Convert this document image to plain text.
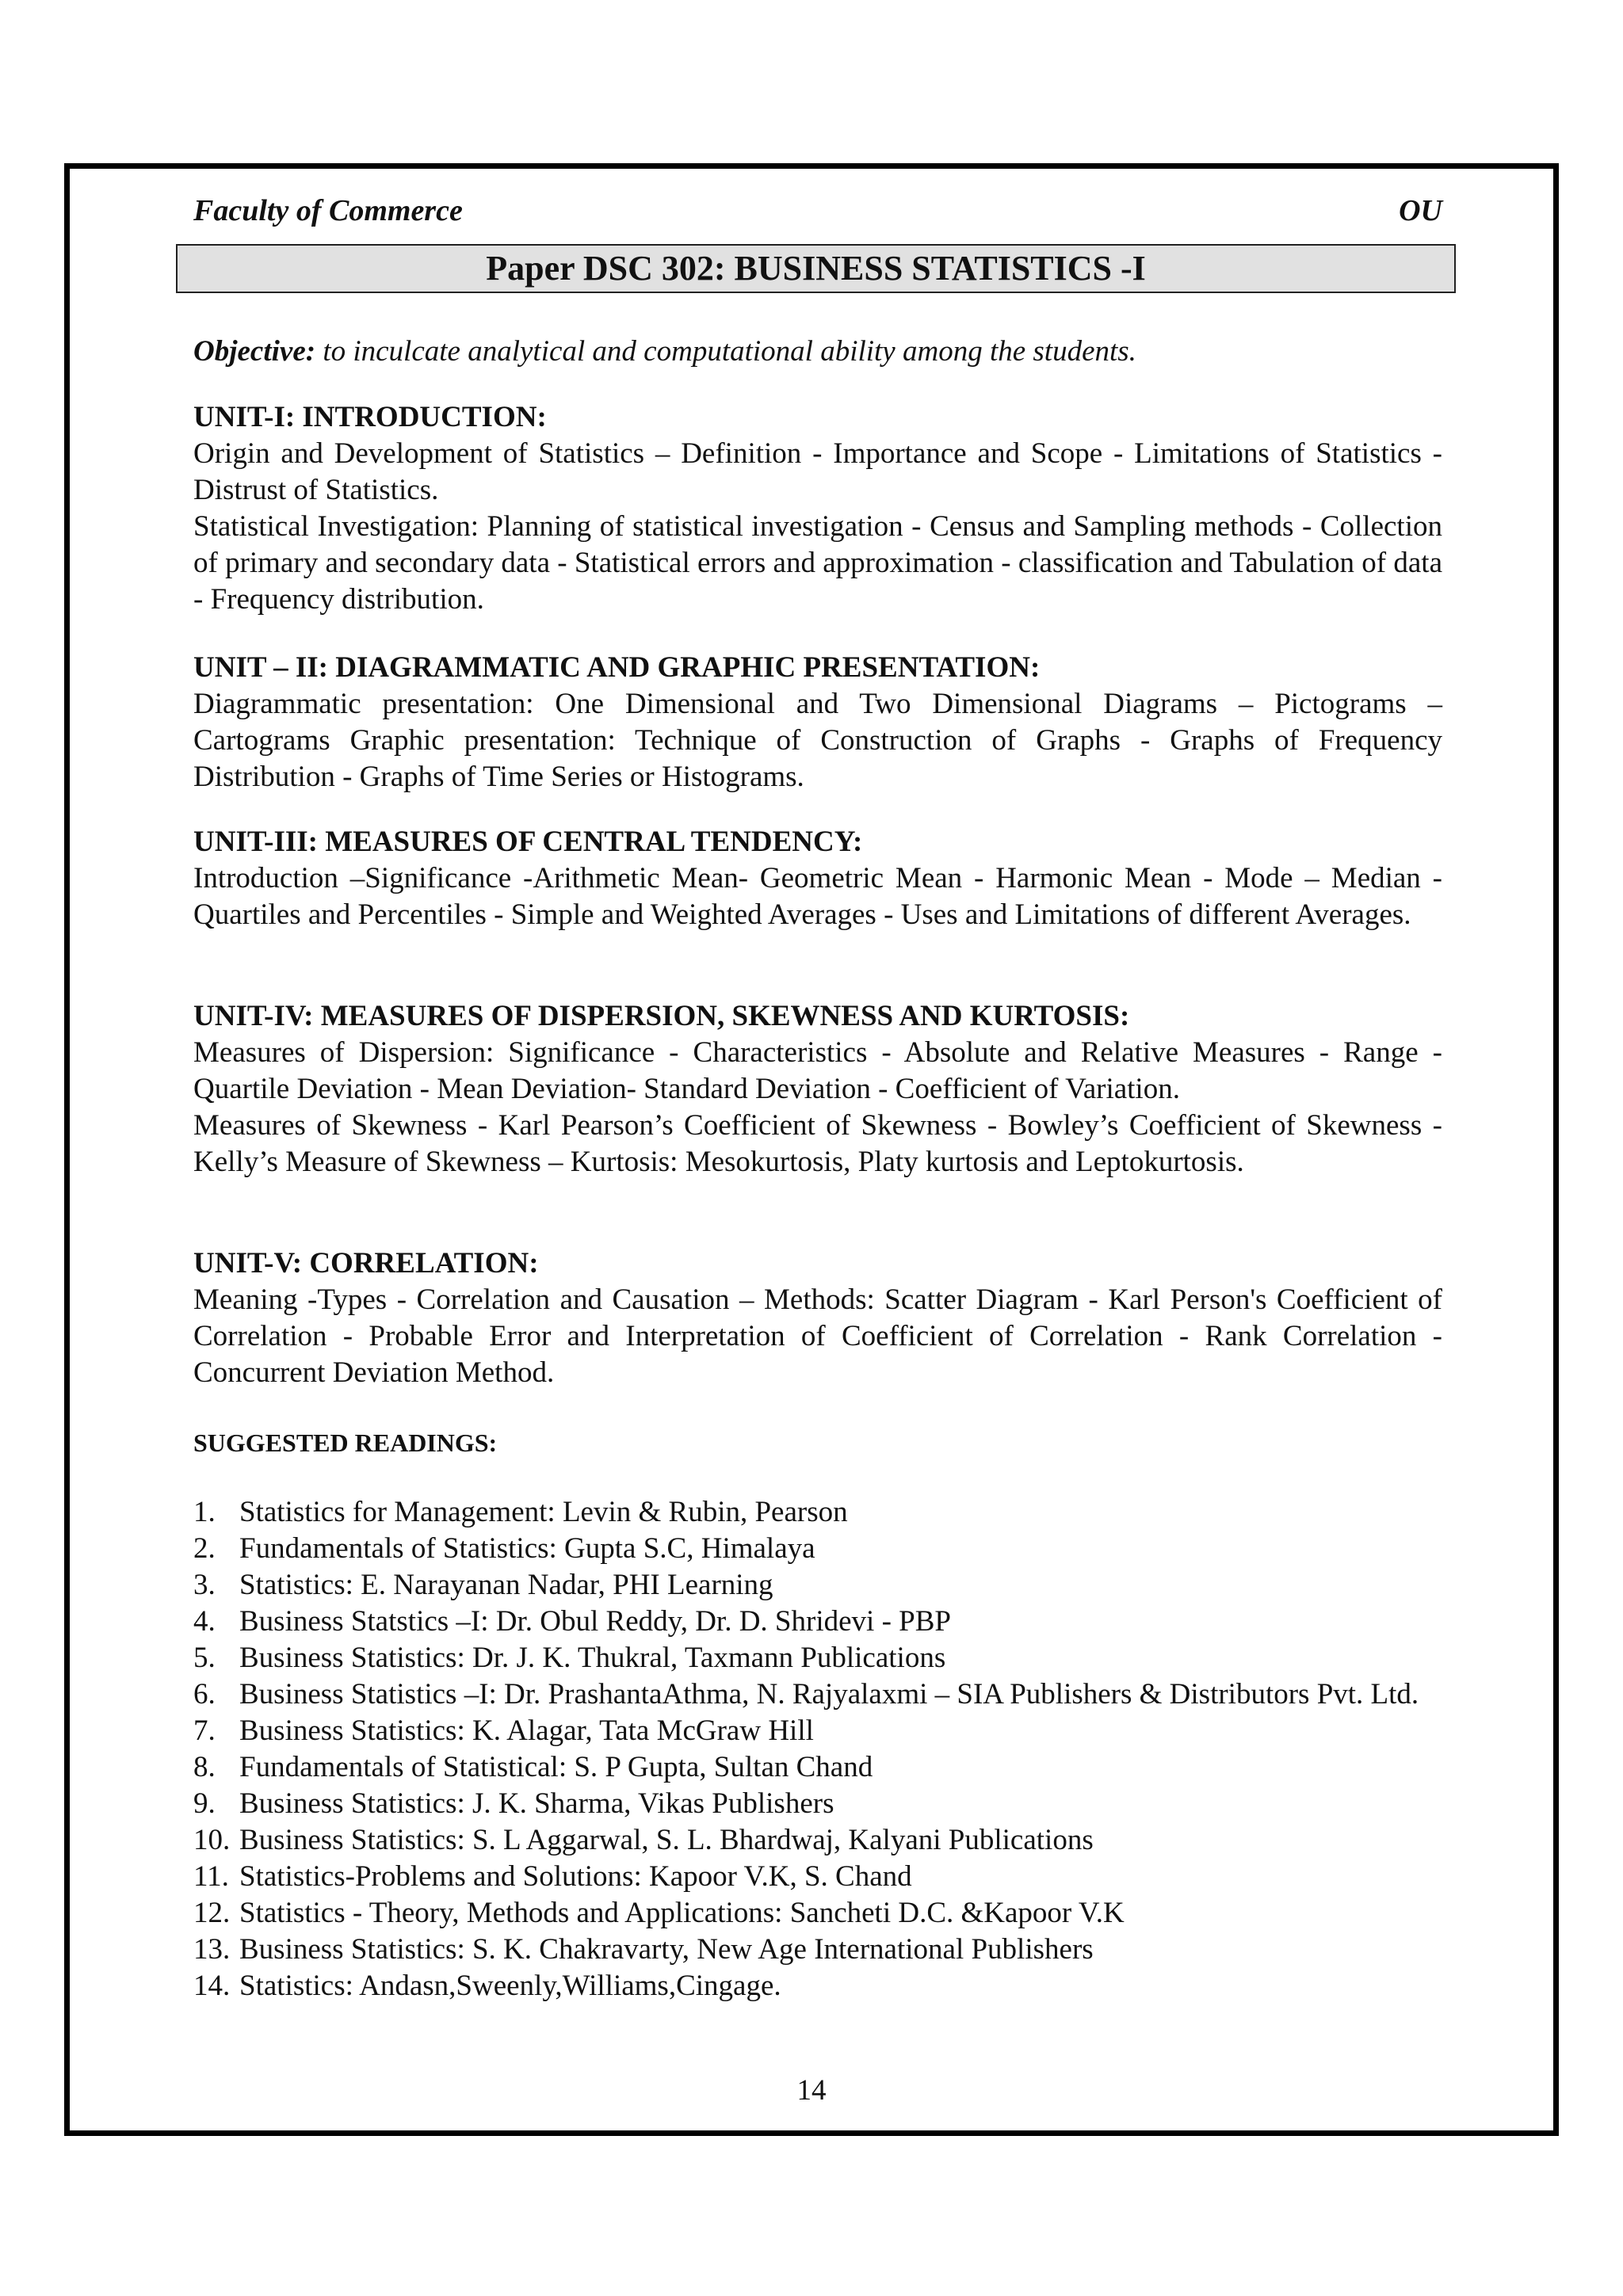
Faculty of Commerce	OU
Paper DSC 302: BUSINESS STATISTICS -I
Objective: to inculcate analytical and computational ability among the students.
UNIT-I: INTRODUCTION:

Origin and Development of Statistics – Definition - Importance and Scope - Limitations of Statistics - Distrust of Statistics.

Statistical Investigation: Planning of statistical investigation - Census and Sampling methods - Collection of primary and secondary data - Statistical errors and approximation - classification and Tabulation of data - Frequency distribution.

UNIT – II: DIAGRAMMATIC AND GRAPHIC PRESENTATION:

Diagrammatic presentation: One Dimensional and Two Dimensional Diagrams – Pictograms – Cartograms Graphic presentation: Technique of Construction of Graphs - Graphs of Frequency Distribution - Graphs of Time Series or Histograms.

UNIT-III: MEASURES OF CENTRAL TENDENCY:

Introduction –Significance -Arithmetic Mean- Geometric Mean - Harmonic Mean - Mode – Median - Quartiles and Percentiles - Simple and Weighted Averages - Uses and Limitations of different Averages.

UNIT-IV: MEASURES OF DISPERSION, SKEWNESS AND KURTOSIS:

Measures of Dispersion: Significance - Characteristics - Absolute and Relative Measures - Range - Quartile Deviation - Mean Deviation- Standard Deviation - Coefficient of Variation.

Measures of Skewness - Karl Pearson’s Coefficient of Skewness - Bowley’s Coefficient of Skewness - Kelly’s Measure of Skewness – Kurtosis: Mesokurtosis, Platy kurtosis and Leptokurtosis.

UNIT-V: CORRELATION:

Meaning -Types - Correlation and Causation – Methods: Scatter Diagram - Karl Person's Coefficient of Correlation - Probable Error and Interpretation of Coefficient of Correlation - Rank Correlation - Concurrent Deviation Method.

SUGGESTED READINGS:
1. Statistics for Management: Levin & Rubin, Pearson
2. Fundamentals of Statistics: Gupta S.C, Himalaya
3. Statistics: E. Narayanan Nadar, PHI Learning
4. Business Statstics –I: Dr. Obul Reddy, Dr. D. Shridevi - PBP
5. Business Statistics: Dr. J. K. Thukral, Taxmann Publications
6. Business Statistics –I: Dr. PrashantaAthma, N. Rajyalaxmi – SIA Publishers & Distributors Pvt. Ltd.
7. Business Statistics: K. Alagar, Tata McGraw Hill
8. Fundamentals of Statistical: S. P Gupta, Sultan Chand
9. Business Statistics: J. K. Sharma, Vikas Publishers
10. Business Statistics: S. L Aggarwal, S. L. Bhardwaj, Kalyani Publications
11. Statistics-Problems and Solutions: Kapoor V.K, S. Chand
12. Statistics - Theory, Methods and Applications: Sancheti D.C. &Kapoor V.K
13. Business Statistics: S. K. Chakravarty, New Age International Publishers
14. Statistics: Andasn,Sweenly,Williams,Cingage.
14
